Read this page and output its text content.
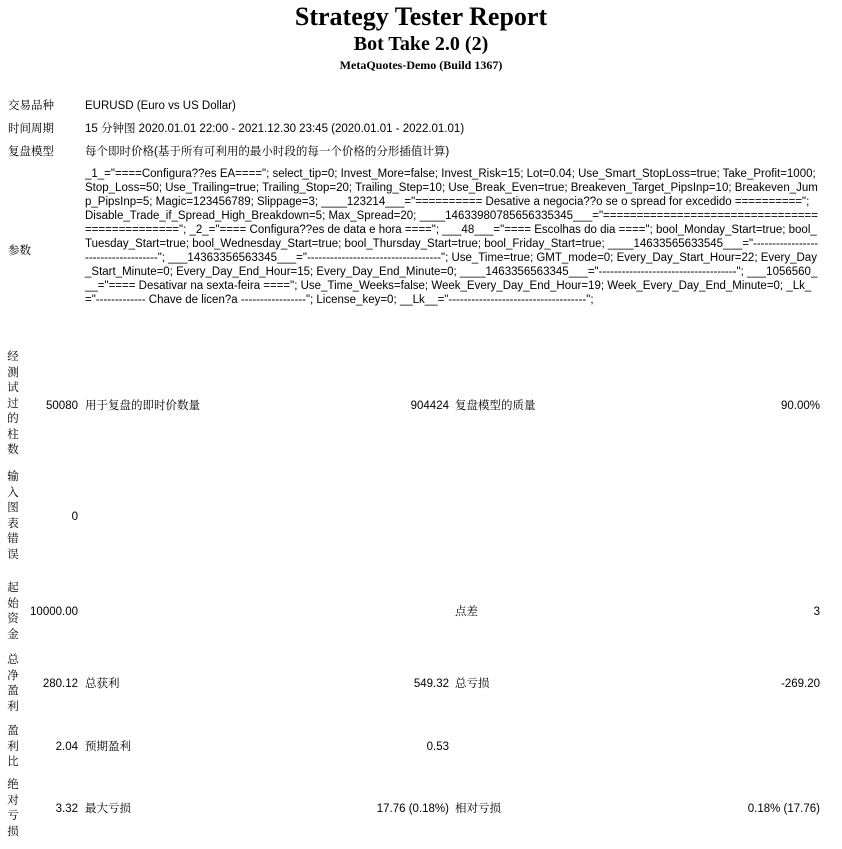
Strategy Tester Report
Bot Take 2.0 (2)
MetaQuotes-Demo (Build 1367)
交易品种	EURUSD (Euro vs US Dollar)
时间周期	15 分钟图 2020.01.01 22:00 - 2021.12.30 23:45 (2020.01.01 - 2022.01.01)
复盘模型	每个即时价格(基于所有可利用的最小时段的每一个价格的分形插值计算)
参数
_1_="====Configura??es EA===="; select_tip=0; Invest_More=false; Invest_Risk=15; Lot=0.04; Use_Smart_StopLoss=true; Take_Profit=1000; Stop_Loss=50; Use_Trailing=true; Trailing_Stop=20; Trailing_Step=10; Use_Break_Even=true; Breakeven_Target_PipsInp=10; Breakeven_Jump_PipsInp=5; Magic=123456789; Slippage=3; ____123214___="========== Desative a negocia??o se o spread for excedido =========="; Disable_Trade_if_Spread_High_Breakdown=5; Max_Spread=20; ____14633980785656335345___="=============================================="; _2_="==== Configura??es de data e hora ===="; ___48___="==== Escolhas do dia ===="; bool_Monday_Start=true; bool_Tuesday_Start=true; bool_Wednesday_Start=true; bool_Thursday_Start=true; bool_Friday_Start=true; ____14633565633545___="------------------------------------"; ___14363356563345___="-----------------------------------"; Use_Time=true; GMT_mode=0; Every_Day_Start_Hour=22; Every_Day_Start_Minute=0; Every_Day_End_Hour=15; Every_Day_End_Minute=0; ____1463356563345___="------------------------------------"; ___1056560___="==== Desativar na sexta-feira ===="; Use_Time_Weeks=false; Week_Every_Day_End_Hour=19; Week_Every_Day_End_Minute=0; _Lk_="------------- Chave de licen?a -----------------"; License_key=0; __Lk__="------------------------------------";
经
测
试
过
的
柱
数
50080 用于复盘的即时价数量	904424 复盘模型的质量	90.00%
输
入
图
表
错
误
0
起
始
资
金
10000.00	点差	3
总
净
盈
利
280.12 总获利	549.32 总亏损	-269.20
盈
利
比
2.04 预期盈利	0.53
绝
对
亏
损
3.32 最大亏损	17.76 (0.18%) 相对亏损	0.18% (17.76)
